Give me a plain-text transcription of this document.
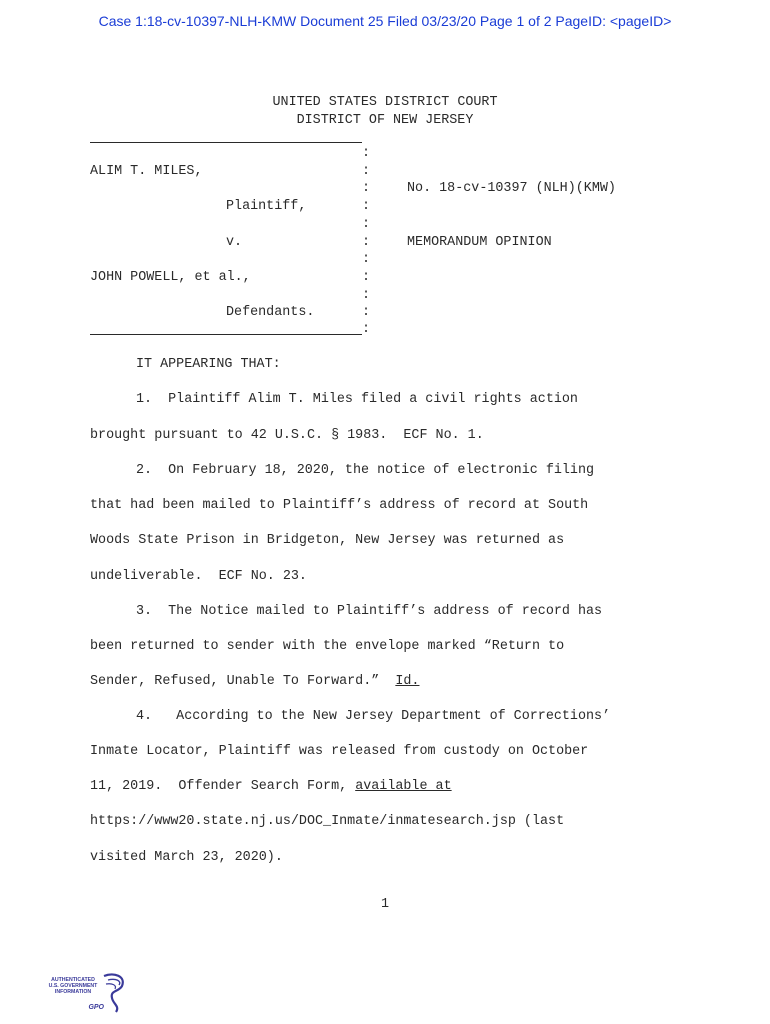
Case 1:18-cv-10397-NLH-KMW Document 25 Filed 03/23/20 Page 1 of 2 PageID: <pageID>
UNITED STATES DISTRICT COURT
DISTRICT OF NEW JERSEY
:
:
:
:
:
:
:
:
:
:
:
ALIM T. MILES,
Plaintiff,
v.
JOHN POWELL, et al.,
Defendants.
No. 18-cv-10397 (NLH)(KMW)
MEMORANDUM OPINION
IT APPEARING THAT:
1.  Plaintiff Alim T. Miles filed a civil rights action
brought pursuant to 42 U.S.C. § 1983.  ECF No. 1.
2.  On February 18, 2020, the notice of electronic filing
that had been mailed to Plaintiff’s address of record at South
Woods State Prison in Bridgeton, New Jersey was returned as
undeliverable.  ECF No. 23.
3.  The Notice mailed to Plaintiff’s address of record has
been returned to sender with the envelope marked “Return to
Sender, Refused, Unable To Forward.”  Id.
4.   According to the New Jersey Department of Corrections’
Inmate Locator, Plaintiff was released from custody on October
11, 2019.  Offender Search Form, available at
https://www20.state.nj.us/DOC_Inmate/inmatesearch.jsp (last
visited March 23, 2020).
1
AUTHENTICATED
U.S. GOVERNMENT
INFORMATION
GPO
